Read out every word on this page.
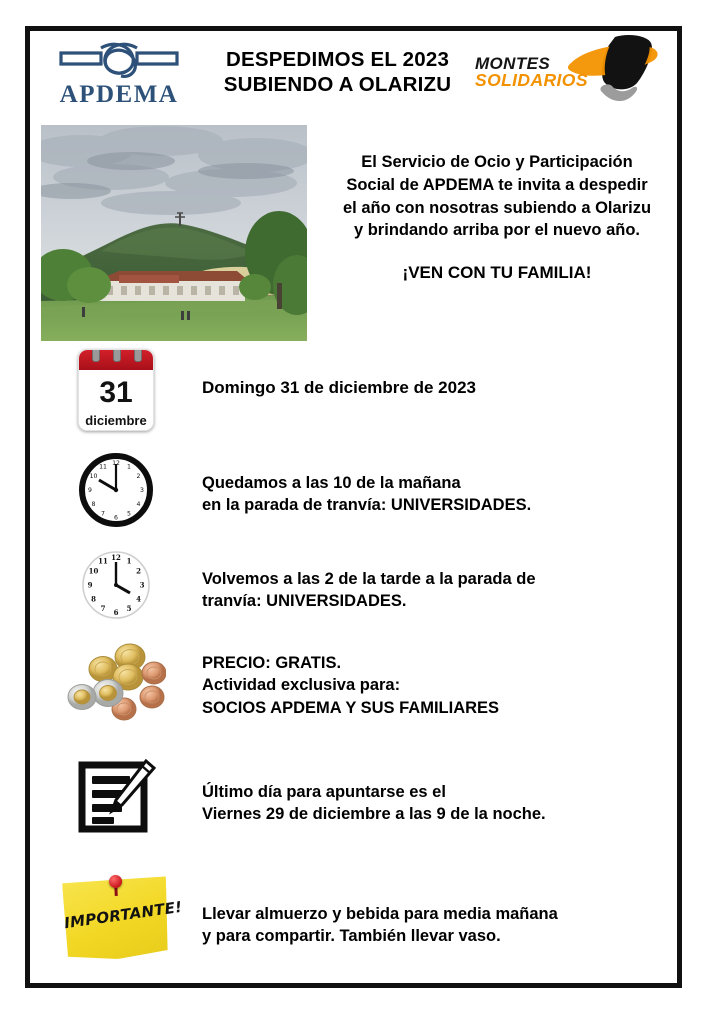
APDEMA
DESPEDIMOS EL 2023
SUBIENDO A OLARIZU
MONTES
SOLIDARIOS
El Servicio de Ocio y Participación
Social de APDEMA te invita a despedir
el año con nosotras subiendo a Olarizu
y brindando arriba por el nuevo año.
¡VEN CON TU FAMILIA!
31
diciembre
Domingo 31 de diciembre de 2023
12 1
2
3
4
5
6
7
8
9
10
11
Quedamos a las 10 de la mañana
en la parada de tranvía: UNIVERSIDADES.
12 1
2
3
4
5
6
7
8
9
10
11
Volvemos a las 2 de la tarde a la parada de
tranvía: UNIVERSIDADES.
PRECIO: GRATIS.
Actividad exclusiva para:
SOCIOS APDEMA Y SUS FAMILIARES
Último día para apuntarse es el
Viernes 29 de diciembre a las 9 de la noche.
IMPORTANTE! Llevar almuerzo y bebida para media mañana
y para compartir. También llevar vaso.
